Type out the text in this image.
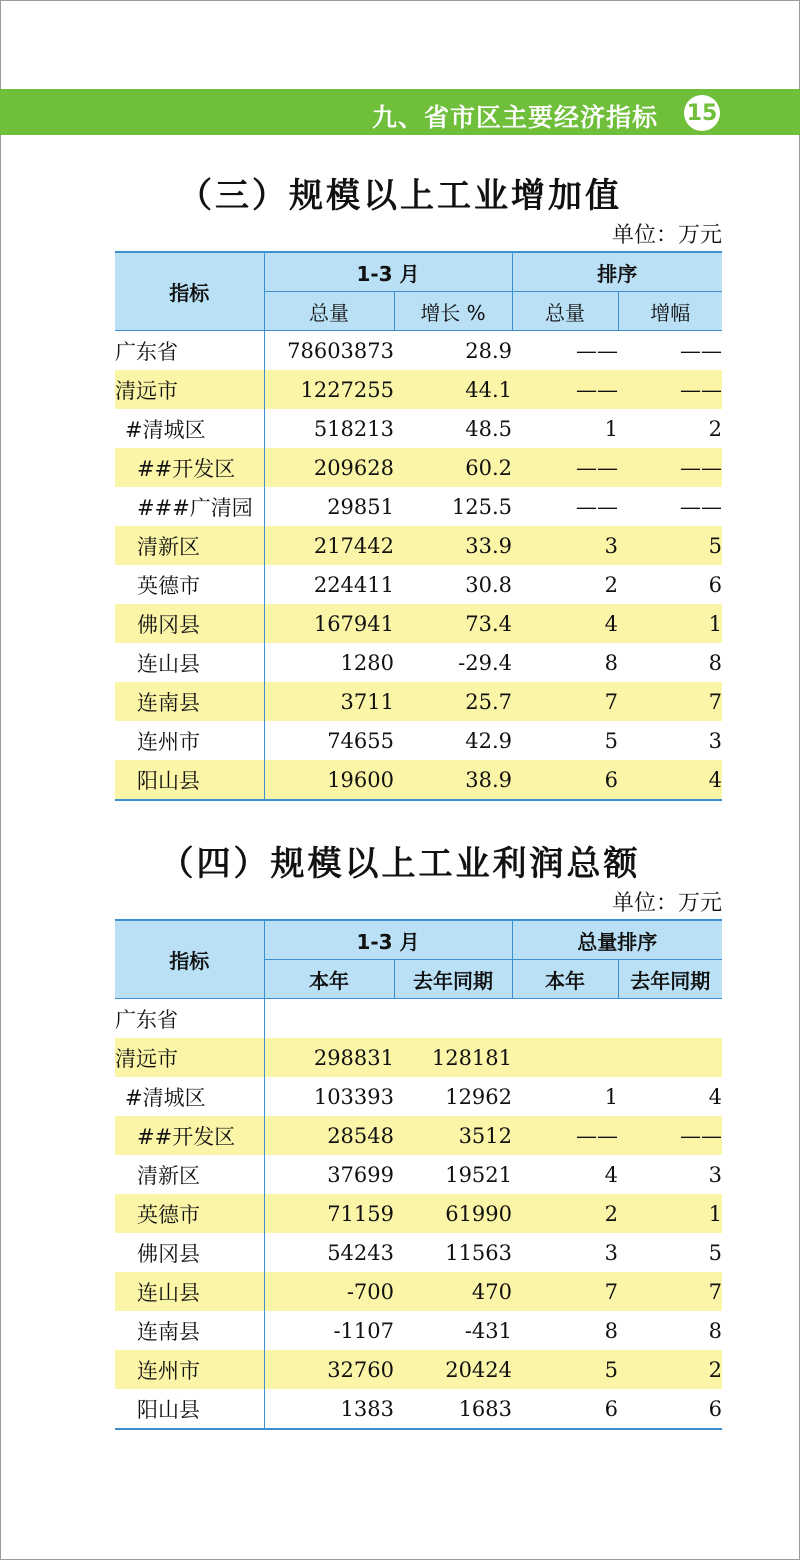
九、省市区主要经济指标 15
（三）规模以上工业增加值
单位：万元
指标	1-3 月		排序	
	总量	增长 %	总量	增幅
广东省	78603873	28.9	——	——
清远市	1227255	44.1	——	——
#清城区	518213	48.5	1	2
##开发区	209628	60.2	——	——
###广清园	29851	125.5	——	——
清新区	217442	33.9	3	5
英德市	224411	30.8	2	6
佛冈县	167941	73.4	4	1
连山县	1280	-29.4	8	8
连南县	3711	25.7	7	7
连州市	74655	42.9	5	3
阳山县	19600	38.9	6	4
（四）规模以上工业利润总额
单位：万元
指标	1-3 月		总量排序	
	本年	去年同期	本年	去年同期
广东省				
清远市	298831	128181		
#清城区	103393	12962	1	4
##开发区	28548	3512	——	——
清新区	37699	19521	4	3
英德市	71159	61990	2	1
佛冈县	54243	11563	3	5
连山县	-700	470	7	7
连南县	-1107	-431	8	8
连州市	32760	20424	5	2
阳山县	1383	1683	6	6
